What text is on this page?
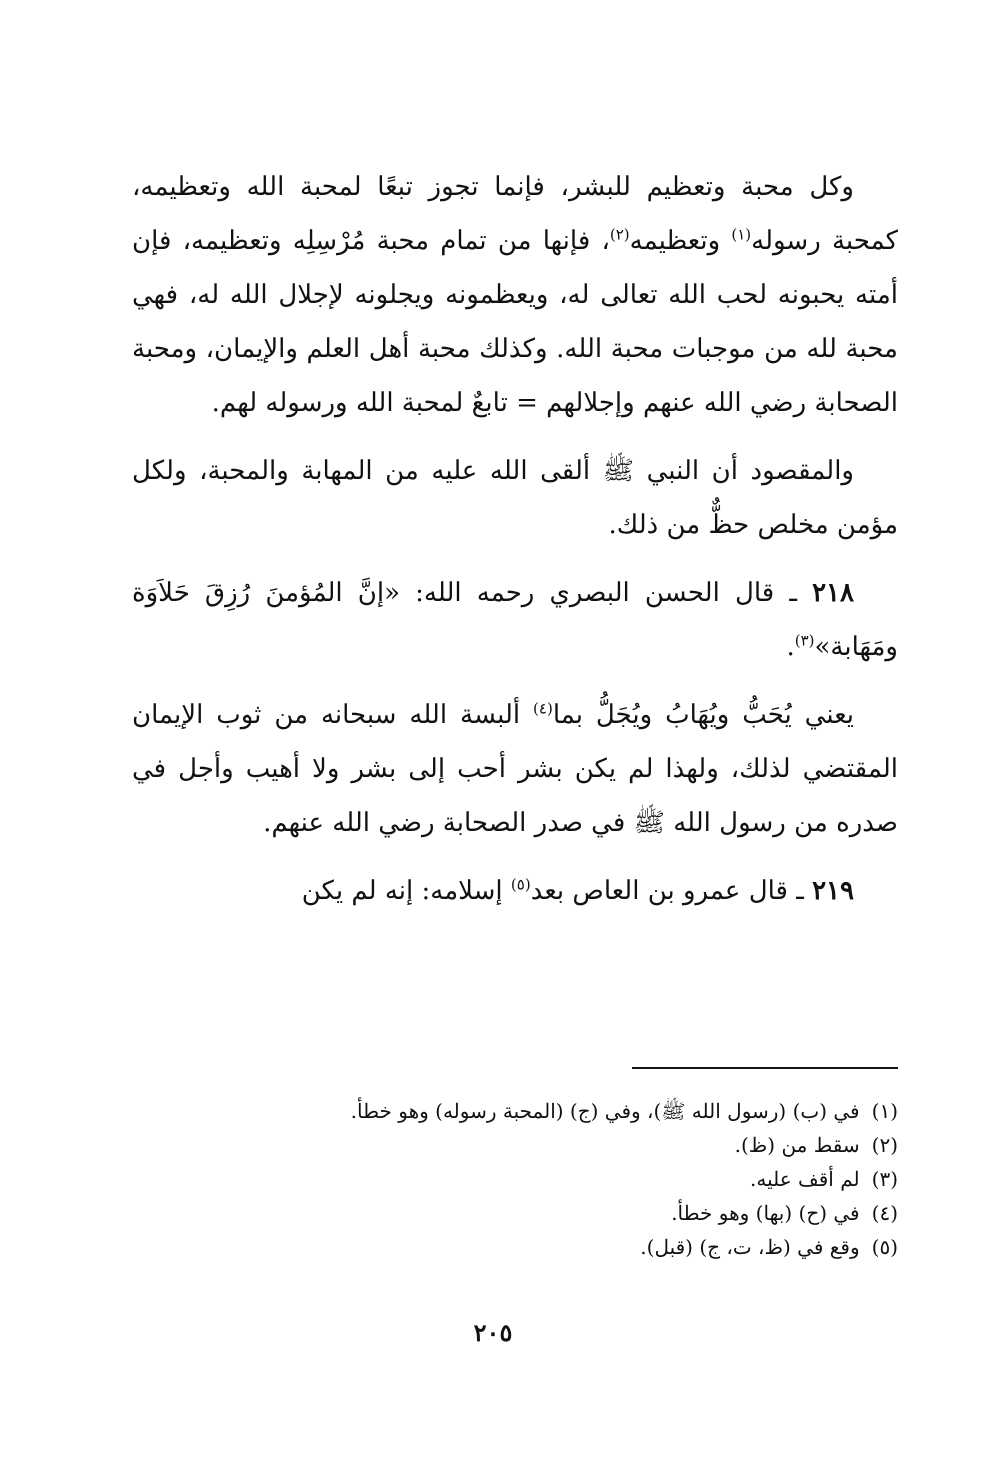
وكل محبة وتعظيم للبشر، فإنما تجوز تبعًا لمحبة الله وتعظيمه، كمحبة رسوله$^{(١)}$ وتعظيمه$^{(٢)}$، فإنها من تمام محبة مُرْسِلِه وتعظيمه، فإن أمته يحبونه لحب الله تعالى له، ويعظمونه ويجلونه لإجلال الله له، فهي محبة لله من موجبات محبة الله. وكذلك محبة أهل العلم والإيمان، ومحبة الصحابة رضي الله عنهم وإجلالهم = تابعٌ لمحبة الله ورسوله لهم.

والمقصود أن النبي ﷺ ألقى الله عليه من المهابة والمحبة، ولكل مؤمن مخلص حظٌّ من ذلك.

٢١٨ ـ قال الحسن البصري رحمه الله: «إنَّ المُؤمنَ رُزِقَ حَلاَوَة ومَهَابة»$^{(٣)}$.

يعني يُحَبُّ ويُهَابُ ويُجَلُّ بما$^{(٤)}$ ألبسة الله سبحانه من ثوب الإيمان المقتضي لذلك، ولهذا لم يكن بشر أحب إلى بشر ولا أهيب وأجل في صدره من رسول الله ﷺ في صدر الصحابة رضي الله عنهم.

٢١٩ ـ قال عمرو بن العاص بعد$^{(٥)}$ إسلامه: إنه لم يكن

(١)في (ب) (رسول الله ﷺ)، وفي (ج) (المحبة رسوله) وهو خطأ.

(٢)سقط من (ظ).

(٣)لم أقف عليه.

(٤)في (ح) (بها) وهو خطأ.

(٥)وقع في (ظ، ت، ج) (قبل).

٢٠٥
